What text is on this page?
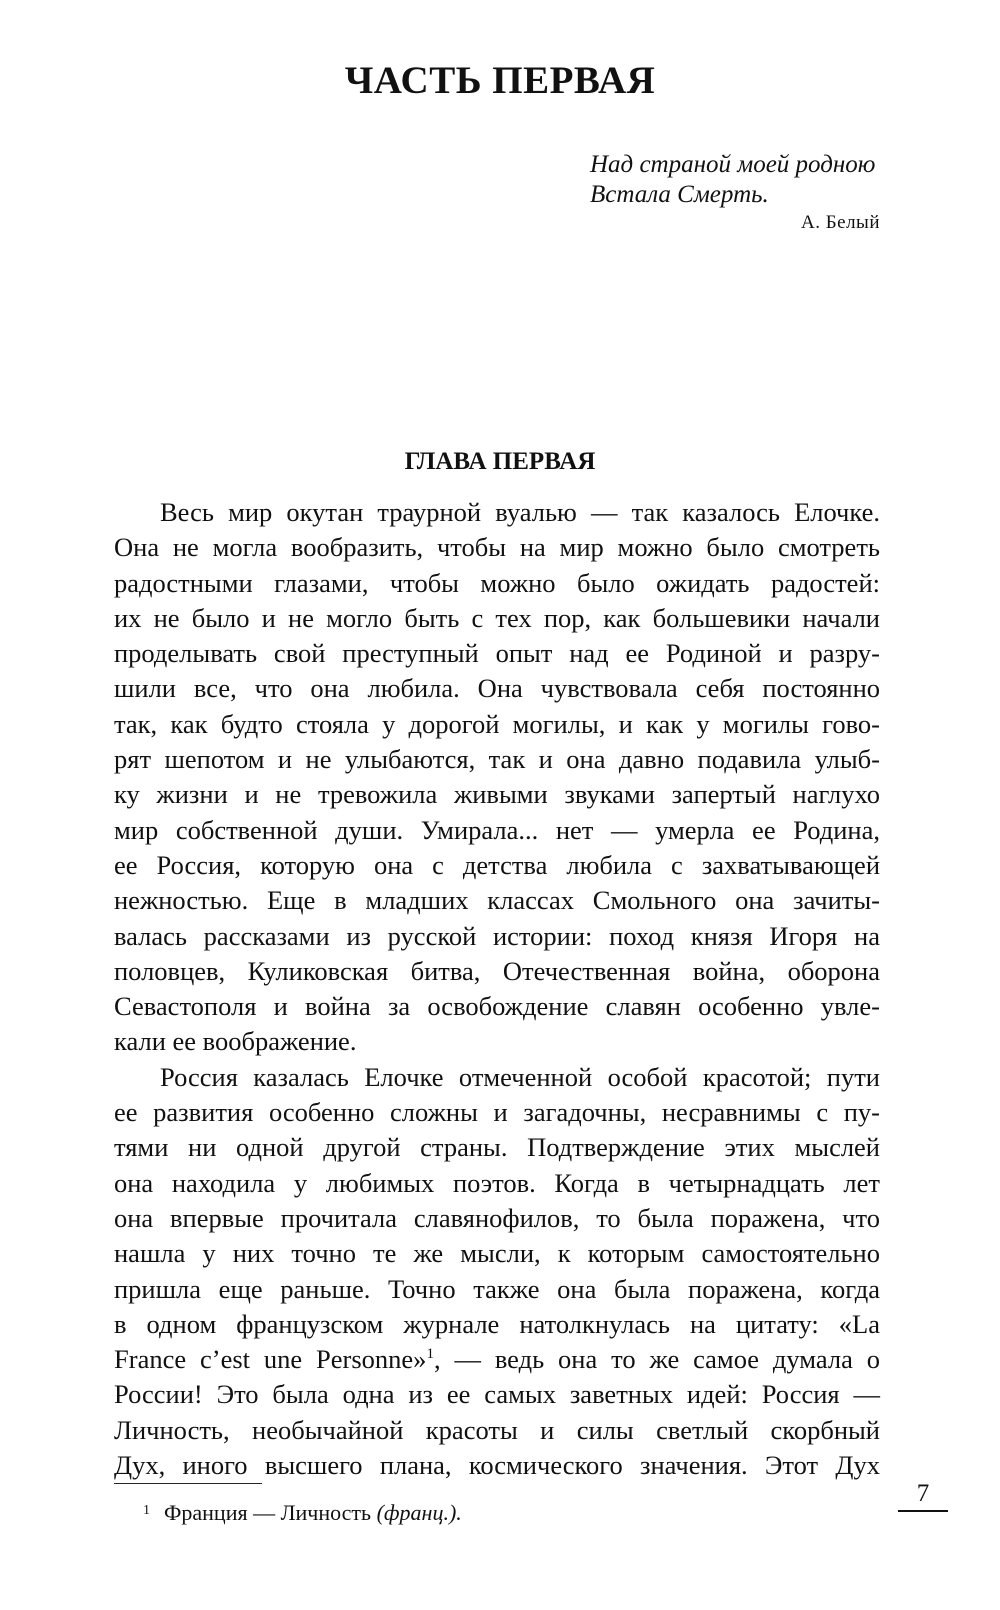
ЧАСТЬ ПЕРВАЯ
Над страной моей родною
Встала Смерть.
А. Белый
ГЛАВА ПЕРВАЯ
Весь мир окутан траурной вуалью — так казалось Елочке.
Она не могла вообразить, чтобы на мир можно было смотреть
радостными глазами, чтобы можно было ожидать радостей:
их не было и не могло быть с тех пор, как большевики начали
проделывать свой преступный опыт над ее Родиной и разру-
шили все, что она любила. Она чувствовала себя постоянно
так, как будто стояла у дорогой могилы, и как у могилы гово-
рят шепотом и не улыбаются, так и она давно подавила улыб-
ку жизни и не тревожила живыми звуками запертый наглухо
мир собственной души. Умирала... нет — умерла ее Родина,
ее Россия, которую она с детства любила с захватывающей
нежностью. Еще в младших классах Смольного она зачиты-
валась рассказами из русской истории: поход князя Игоря на
половцев, Куликовская битва, Отечественная война, оборона
Севастополя и война за освобождение славян особенно увле-
кали ее воображение.
Россия казалась Елочке отмеченной особой красотой; пути
ее развития особенно сложны и загадочны, несравнимы с пу-
тями ни одной другой страны. Подтверждение этих мыслей
она находила у любимых поэтов. Когда в четырнадцать лет
она впервые прочитала славянофилов, то была поражена, что
нашла у них точно те же мысли, к которым самостоятельно
пришла еще раньше. Точно также она была поражена, когда
в одном французском журнале натолкнулась на цитату: «La
France c’est une Personne»$^1$, — ведь она то же самое думала о
России! Это была одна из ее самых заветных идей: Россия —
Личность, необычайной красоты и силы светлый скорбный
Дух, иного высшего плана, космического значения. Этот Дух
$^1$ Франция — Личность (франц.).
7
